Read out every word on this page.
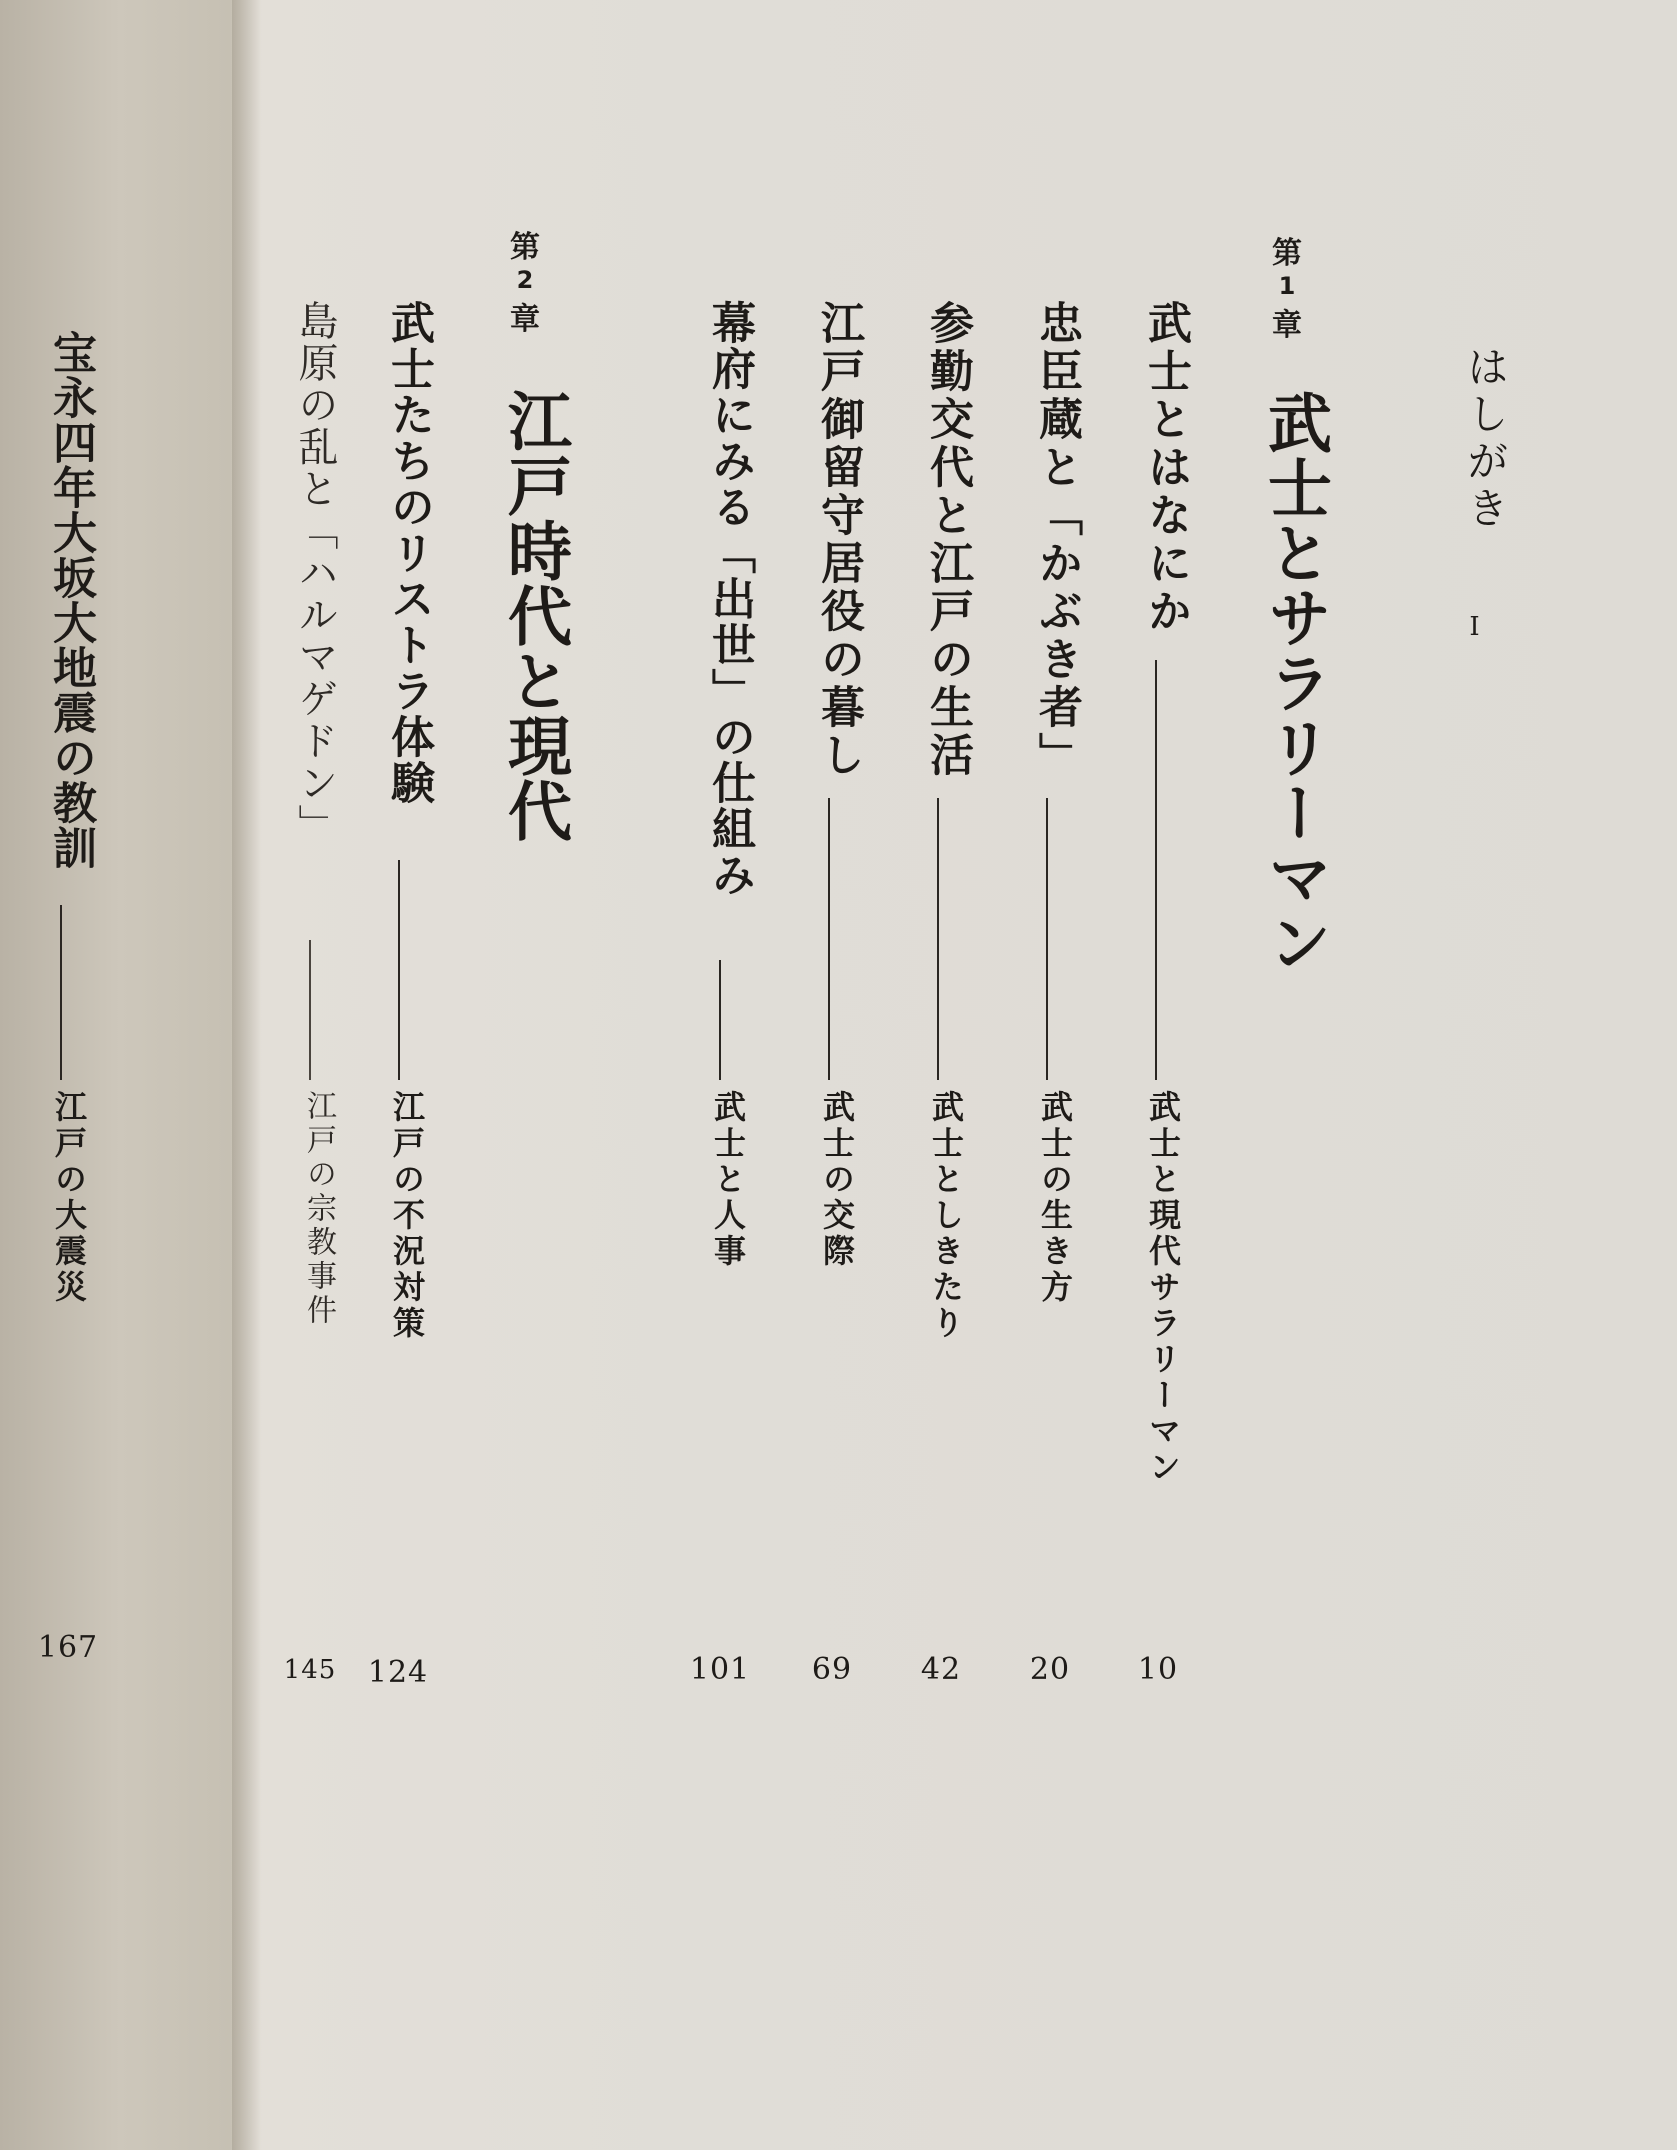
はしがき
I
第
1
章
武士とサラリーマン
武士とはなにか
武士と現代サラリーマン
10
忠臣蔵と「かぶき者」
武士の生き方
20
参勤交代と江戸の生活
武士としきたり
42
江戸御留守居役の暮し
武士の交際
69
幕府にみる「出世」の仕組み
武士と人事
101
第
2
章
江戸時代と現代
武士たちのリストラ体験
江戸の不況対策
124
島原の乱と「ハルマゲドン」
江戸の宗教事件
145
宝永四年大坂大地震の教訓
江戸の大震災
167
